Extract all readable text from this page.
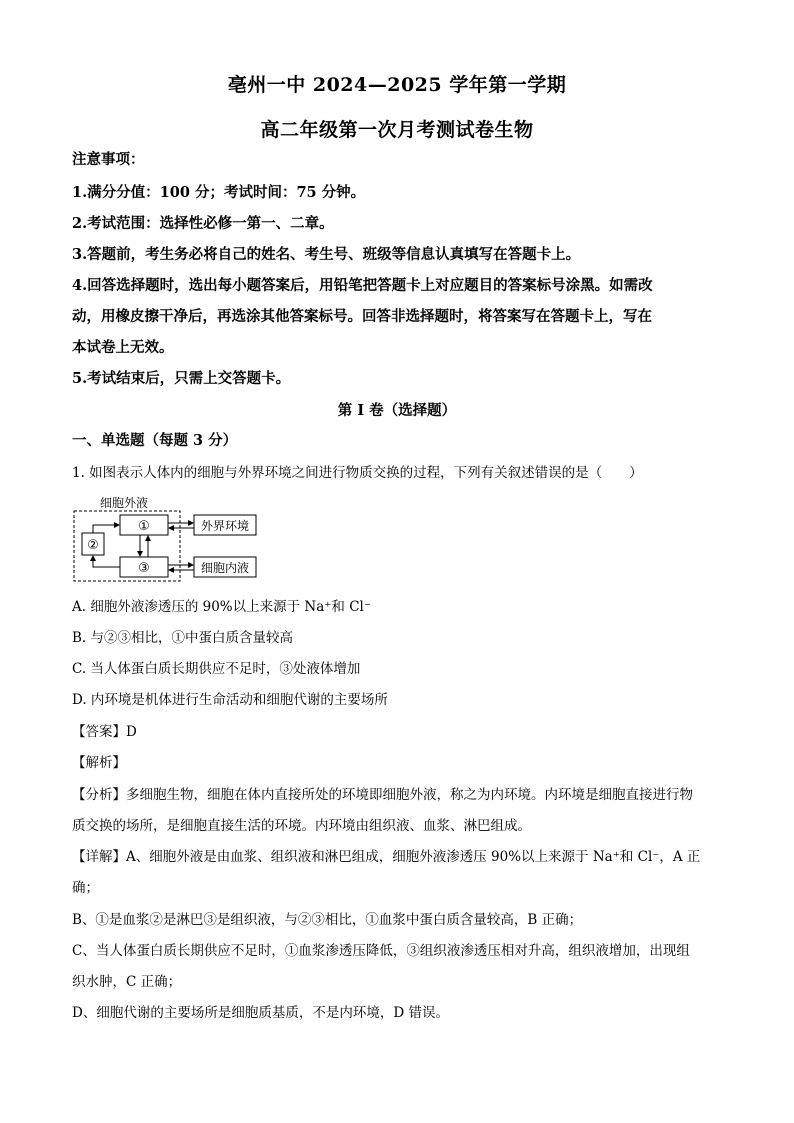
亳州一中 2024—2025 学年第一学期
高二年级第一次月考测试卷生物
注意事项：
1.满分分值：100 分；考试时间：75 分钟。
2.考试范围：选择性必修一第一、二章。
3.答题前，考生务必将自己的姓名、考生号、班级等信息认真填写在答题卡上。
4.回答选择题时，选出每小题答案后，用铅笔把答题卡上对应题目的答案标号涂黑。如需改
动，用橡皮擦干净后，再选涂其他答案标号。回答非选择题时，将答案写在答题卡上，写在
本试卷上无效。
5.考试结束后，只需上交答题卡。
第 I 卷（选择题）
一、单选题（每题 3 分）
1. 如图表示人体内的细胞与外界环境之间进行物质交换的过程，下列有关叙述错误的是（　　）
细胞外液
①
②
③
外界环境
细胞内液
A. 细胞外液渗透压的 90%以上来源于 Na⁺和 Cl⁻
B. 与②③相比，①中蛋白质含量较高
C. 当人体蛋白质长期供应不足时，③处液体增加
D. 内环境是机体进行生命活动和细胞代谢的主要场所
【答案】D
【解析】
【分析】多细胞生物，细胞在体内直接所处的环境即细胞外液，称之为内环境。内环境是细胞直接进行物
质交换的场所，是细胞直接生活的环境。内环境由组织液、血浆、淋巴组成。
【详解】A、细胞外液是由血浆、组织液和淋巴组成，细胞外液渗透压 90%以上来源于 Na⁺和 Cl⁻，A 正
确；
B、①是血浆②是淋巴③是组织液，与②③相比，①血浆中蛋白质含量较高，B 正确；
C、当人体蛋白质长期供应不足时，①血浆渗透压降低，③组织液渗透压相对升高，组织液增加，出现组
织水肿，C 正确；
D、细胞代谢的主要场所是细胞质基质，不是内环境，D 错误。
